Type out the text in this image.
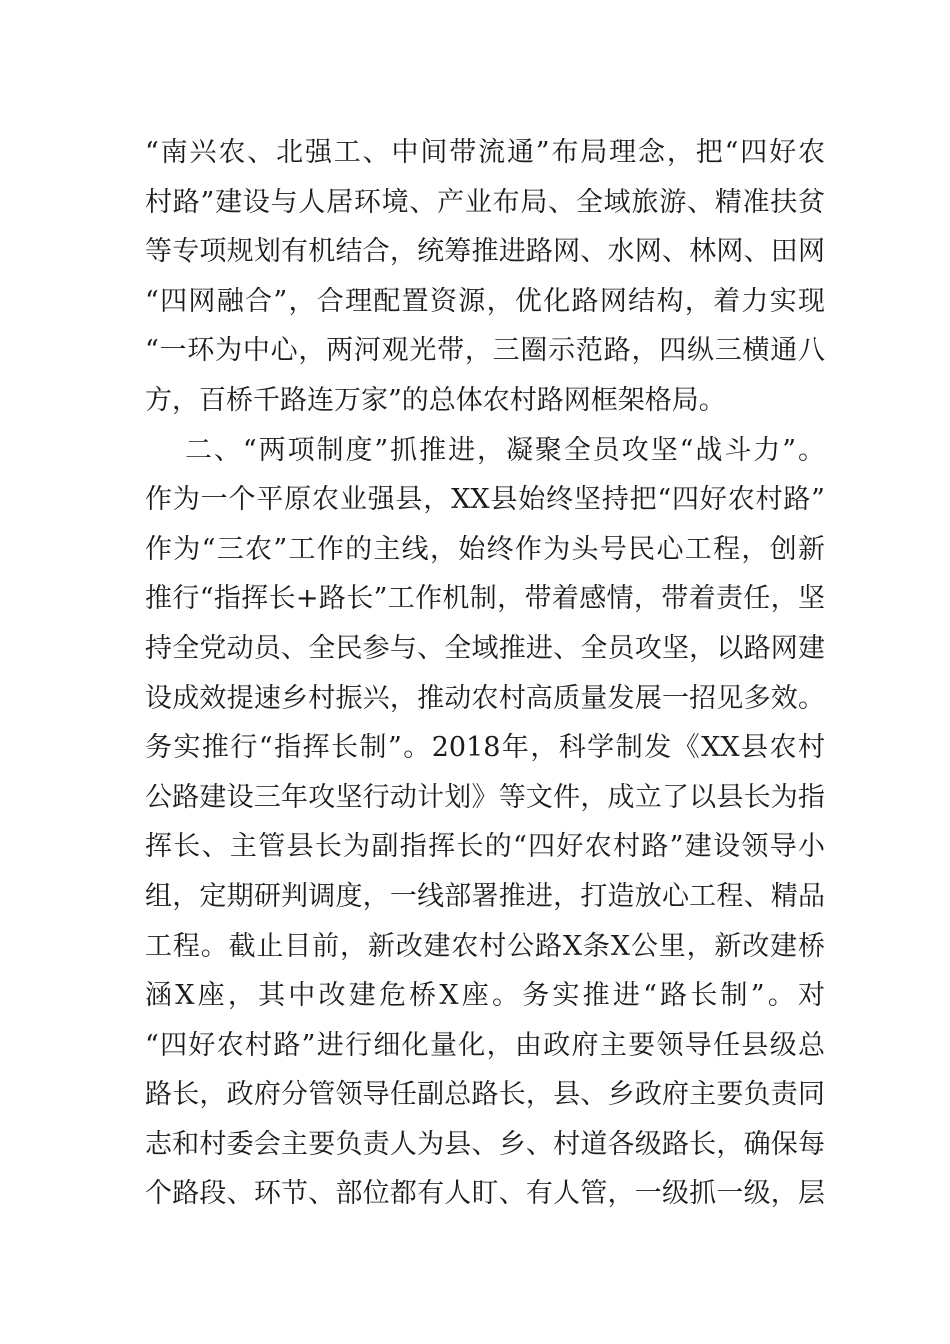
“南兴农、北强工、中间带流通”布局理念，把“四好农
村路”建设与人居环境、产业布局、全域旅游、精准扶贫
等专项规划有机结合，统筹推进路网、水网、林网、田网
“四网融合”，合理配置资源，优化路网结构，着力实现
“一环为中心，两河观光带，三圈示范路，四纵三横通八
方，百桥千路连万家”的总体农村路网框架格局。
二、“两项制度”抓推进，凝聚全员攻坚“战斗力”。
作为一个平原农业强县，XX县始终坚持把“四好农村路”
作为“三农”工作的主线，始终作为头号民心工程，创新
推行“指挥长+路长”工作机制，带着感情，带着责任，坚
持全党动员、全民参与、全域推进、全员攻坚，以路网建
设成效提速乡村振兴，推动农村高质量发展一招见多效。
务实推行“指挥长制”。2018年，科学制发《XX县农村
公路建设三年攻坚行动计划》等文件，成立了以县长为指
挥长、主管县长为副指挥长的“四好农村路”建设领导小
组，定期研判调度，一线部署推进，打造放心工程、精品
工程。截止目前，新改建农村公路X条X公里，新改建桥
涵X座，其中改建危桥X座。务实推进“路长制”。对
“四好农村路”进行细化量化，由政府主要领导任县级总
路长，政府分管领导任副总路长，县、乡政府主要负责同
志和村委会主要负责人为县、乡、村道各级路长，确保每
个路段、环节、部位都有人盯、有人管，一级抓一级，层
